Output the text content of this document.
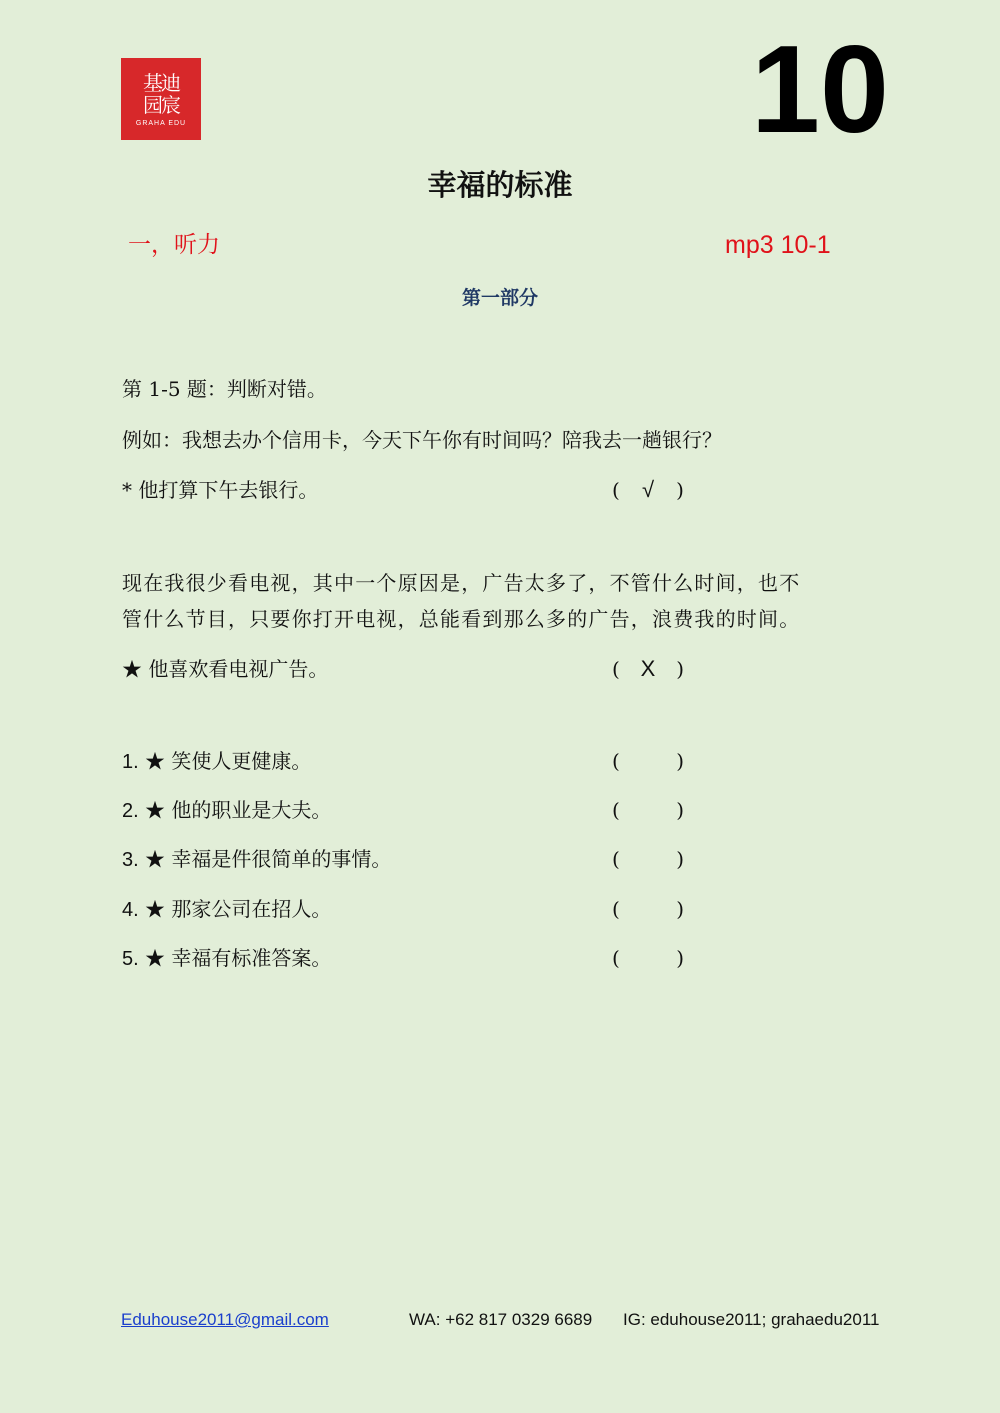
基迪
园宸
GRAHA EDU	10
幸福的标准
一，听力	mp3 10-1
第一部分
第 1-5 题：判断对错。
例如：我想去办个信用卡，今天下午你有时间吗？陪我去一趟银行？
* 他打算下午去银行。	( √ )
现在我很少看电视，其中一个原因是，广告太多了，不管什么时间，也不
管什么节目，只要你打开电视，总能看到那么多的广告，浪费我的时间。
★ 他喜欢看电视广告。	( X )
1. ★ 笑使人更健康。	(	)
2. ★ 他的职业是大夫。	(	)
3. ★ 幸福是件很简单的事情。	(	)
4. ★ 那家公司在招人。	(	)
5. ★ 幸福有标准答案。	(	)
Eduhouse2011@gmail.com	WA: +62 817 0329 6689 IG: eduhouse2011; grahaedu2011
